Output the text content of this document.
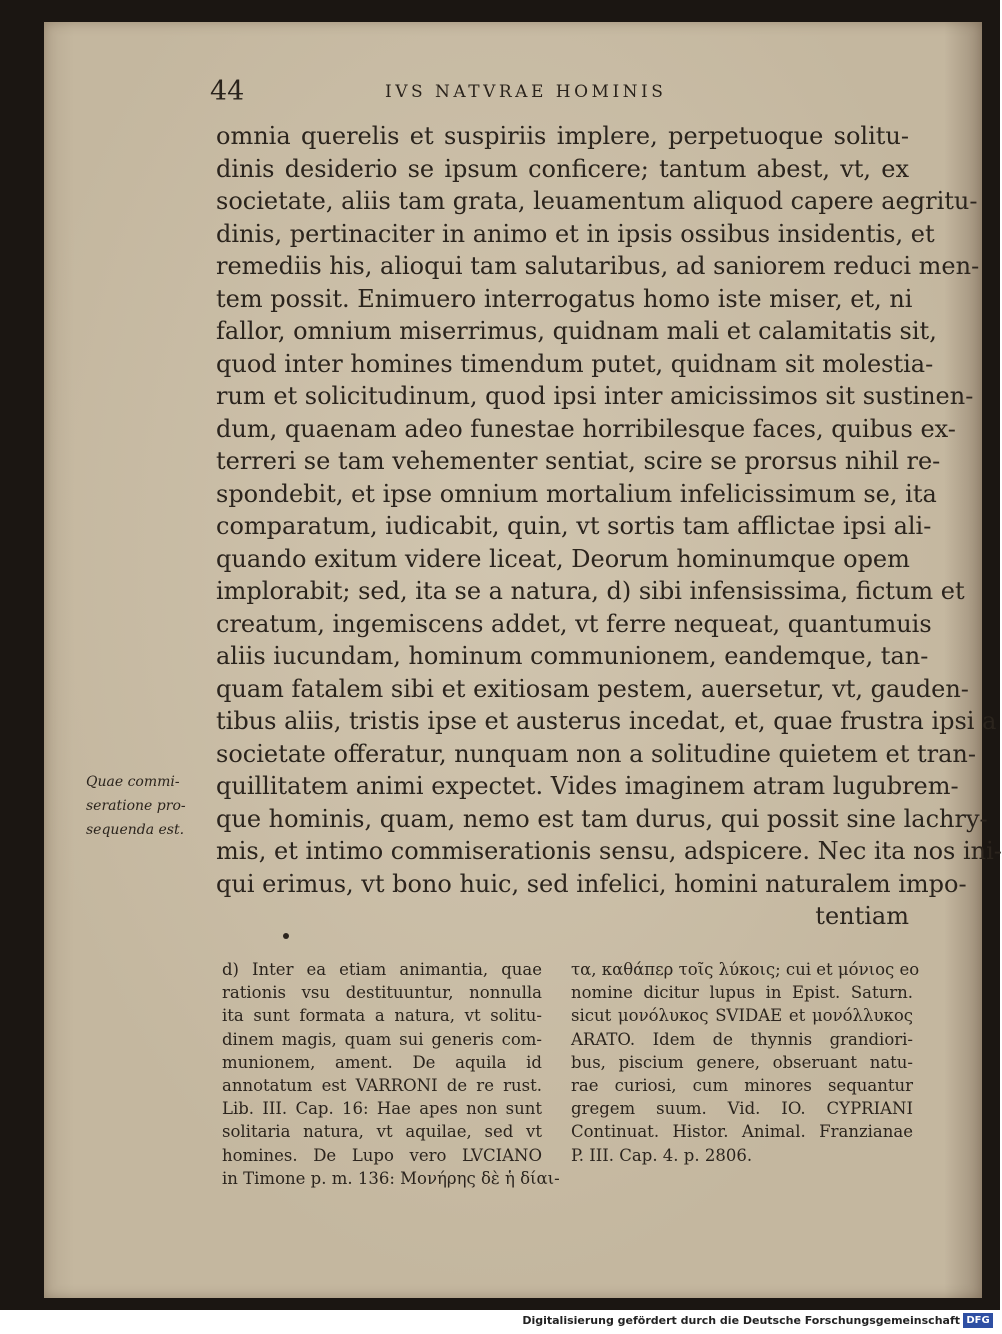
44	IVS NATVRAE HOMINIS
omnia querelis et suspiriis implere, perpetuoque solitu-
dinis desiderio se ipsum conficere; tantum abest, vt, ex
societate, aliis tam grata, leuamentum aliquod capere aegritu-
dinis, pertinaciter in animo et in ipsis ossibus insidentis, et
remediis his, alioqui tam salutaribus, ad saniorem reduci men-
tem possit. Enimuero interrogatus homo iste miser, et, ni
fallor, omnium miserrimus, quidnam mali et calamitatis sit,
quod inter homines timendum putet, quidnam sit molestia-
rum et solicitudinum, quod ipsi inter amicissimos sit sustinen-
dum, quaenam adeo funestae horribilesque faces, quibus ex-
terreri se tam vehementer sentiat, scire se prorsus nihil re-
spondebit, et ipse omnium mortalium infelicissimum se, ita
comparatum, iudicabit, quin, vt sortis tam afflictae ipsi ali-
quando exitum videre liceat, Deorum hominumque opem
implorabit; sed, ita se a natura, d) sibi infensissima, fictum et
creatum, ingemiscens addet, vt ferre nequeat, quantumuis
aliis iucundam, hominum communionem, eandemque, tan-
quam fatalem sibi et exitiosam pestem, auersetur, vt, gauden-
tibus aliis, tristis ipse et austerus incedat, et, quae frustra ipsi a
societate offeratur, nunquam non a solitudine quietem et tran-
quillitatem animi expectet. Vides imaginem atram lugubrem-
que hominis, quam, nemo est tam durus, qui possit sine lachry-
mis, et intimo commiserationis sensu, adspicere. Nec ita nos ini-
qui erimus, vt bono huic, sed infelici, homini naturalem impo-
tentiam
Quae commi-
seratione pro-
sequenda est.
d) Inter ea etiam animantia, quae
rationis vsu destituuntur, nonnulla
ita sunt formata a natura, vt solitu-
dinem magis, quam sui generis com-
munionem, ament. De aquila id
annotatum est VARRONI de re rust.
Lib. III. Cap. 16: Hae apes non sunt
solitaria natura, vt aquilae, sed vt
homines. De Lupo vero LVCIANO
in Timone p. m. 136: Μονήρης δὲ ἡ δίαι-
τα, καθάπερ τοῖς λύκοις; cui et μόνιος eo
nomine dicitur lupus in Epist. Saturn.
sicut μονόλυκος SVIDAE et μονόλλυκος
ARATO. Idem de thynnis grandiori-
bus, piscium genere, obseruant natu-
rae curiosi, cum minores sequantur
gregem suum. Vid. IO. CYPRIANI
Continuat. Histor. Animal. Franzianae
P. III. Cap. 4. p. 2806.
Digitalisierung gefördert durch die Deutsche Forschungsgemeinschaft DFG
